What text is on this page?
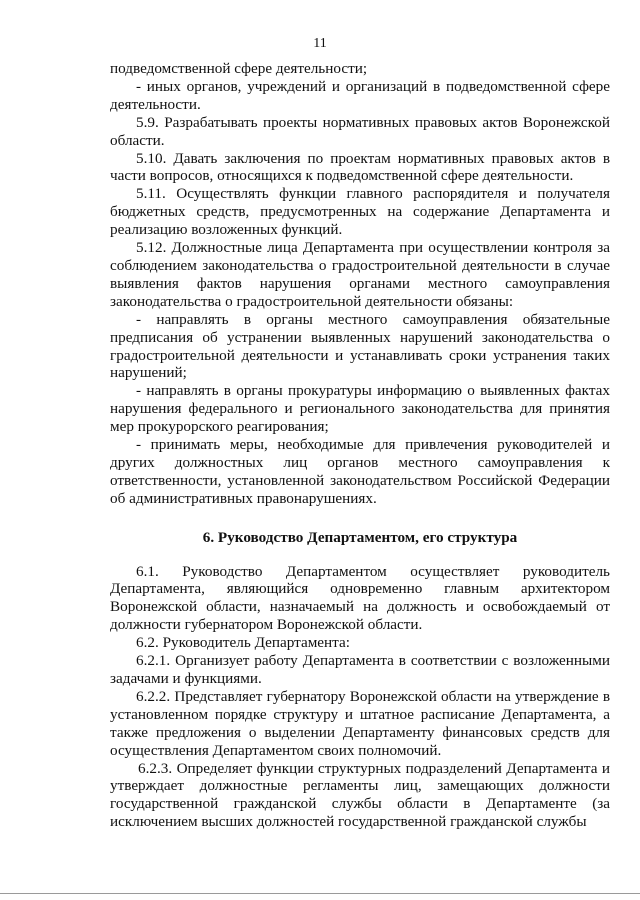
11

подведомственной сфере деятельности;

- иных органов, учреждений и организаций в подведомственной сфере деятельности.

5.9. Разрабатывать проекты нормативных правовых актов Воронежской области.

5.10. Давать заключения по проектам нормативных правовых актов в части вопросов, относящихся к подведомственной сфере деятельности.

5.11. Осуществлять функции главного распорядителя и получателя бюджетных средств, предусмотренных на содержание Департамента и реализацию возложенных функций.

5.12. Должностные лица Департамента при осуществлении контроля за соблюдением законодательства о градостроительной деятельности в случае выявления фактов нарушения органами местного самоуправления законодательства о градостроительной деятельности обязаны:

- направлять в органы местного самоуправления обязательные предписания об устранении выявленных нарушений законодательства о градостроительной деятельности и устанавливать сроки устранения таких нарушений;

- направлять в органы прокуратуры информацию о выявленных фактах нарушения федерального и регионального законодательства для принятия мер прокурорского реагирования;

- принимать меры, необходимые для привлечения руководителей и других должностных лиц органов местного самоуправления к ответственности, установленной законодательством Российской Федерации об административных правонарушениях.

6. Руководство Департаментом, его структура

6.1. Руководство Департаментом осуществляет руководитель Департамента, являющийся одновременно главным архитектором Воронежской области, назначаемый на должность и освобождаемый от должности губернатором Воронежской области.

6.2. Руководитель Департамента:

6.2.1. Организует работу Департамента в соответствии с возложенными задачами и функциями.

6.2.2. Представляет губернатору Воронежской области на утверждение в установленном порядке структуру и штатное расписание Департамента, а также предложения о выделении Департаменту финансовых средств для осуществления Департаментом своих полномочий.

6.2.3. Определяет функции структурных подразделений Департамента и утверждает должностные регламенты лиц, замещающих должности государственной гражданской службы области в Департаменте (за исключением высших должностей государственной гражданской службы
